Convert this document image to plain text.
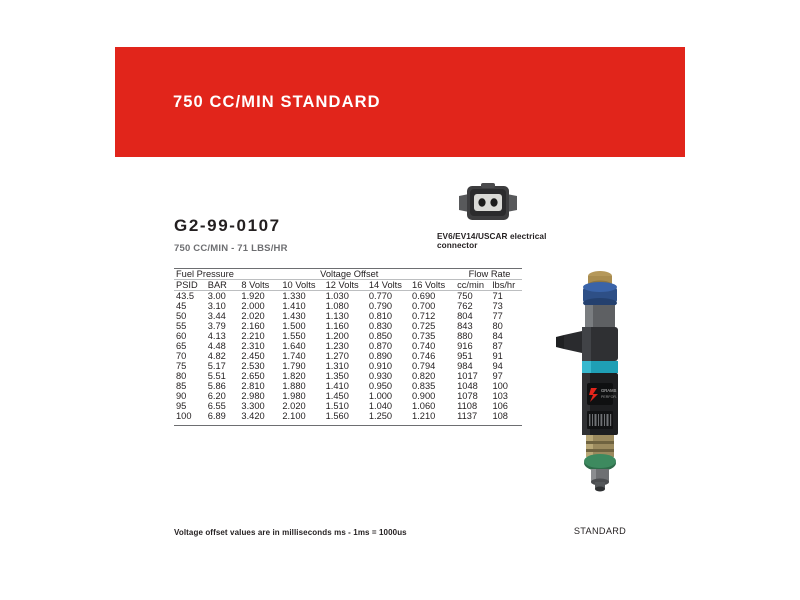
750 CC/MIN STANDARD
G2-99-0107
750 CC/MIN - 71 LBS/HR
EV6/EV14/USCAR electrical connector
Fuel Pressure		Voltage Offset					Flow Rate	
PSID	BAR	8 Volts	10 Volts	12 Volts	14 Volts	16 Volts	cc/min	lbs/hr
43.5	3.00	1.920	1.330	1.030	0.770	0.690	750	71
45	3.10	2.000	1.410	1.080	0.790	0.700	762	73
50	3.44	2.020	1.430	1.130	0.810	0.712	804	77
55	3.79	2.160	1.500	1.160	0.830	0.725	843	80
60	4.13	2.210	1.550	1.200	0.850	0.735	880	84
65	4.48	2.310	1.640	1.230	0.870	0.740	916	87
70	4.82	2.450	1.740	1.270	0.890	0.746	951	91
75	5.17	2.530	1.790	1.310	0.910	0.794	984	94
80	5.51	2.650	1.820	1.350	0.930	0.820	1017	97
85	5.86	2.810	1.880	1.410	0.950	0.835	1048	100
90	6.20	2.980	1.980	1.450	1.000	0.900	1078	103
95	6.55	3.300	2.020	1.510	1.040	1.060	1108	106
100	6.89	3.420	2.100	1.560	1.250	1.210	1137	108
Voltage offset values are in milliseconds ms - 1ms = 1000us
GRAMS
PERFOR.
STANDARD
